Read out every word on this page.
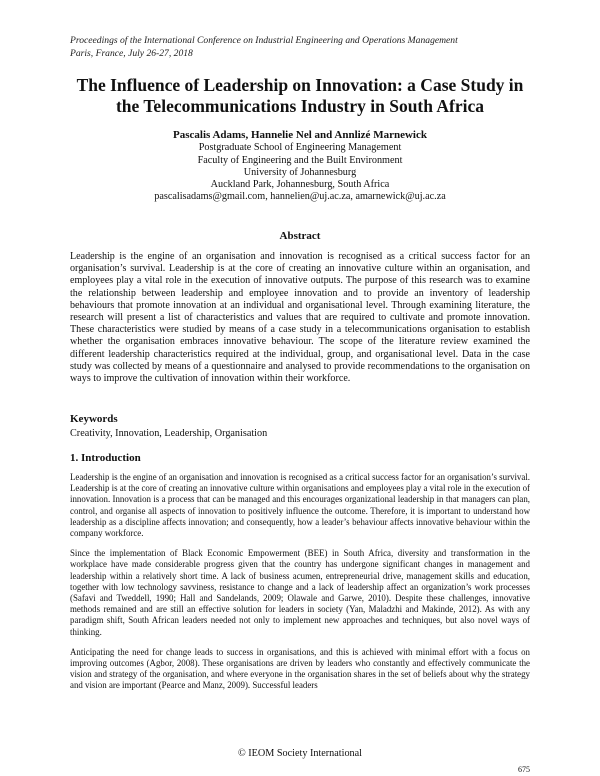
Proceedings of the International Conference on Industrial Engineering and Operations Management
Paris, France, July 26-27, 2018
The Influence of Leadership on Innovation: a Case Study in
the Telecommunications Industry in South Africa
Pascalis Adams, Hannelie Nel and Annlizé Marnewick
Postgraduate School of Engineering Management
Faculty of Engineering and the Built Environment
University of Johannesburg
Auckland Park, Johannesburg, South Africa
pascalisadams@gmail.com, hannelien@uj.ac.za, amarnewick@uj.ac.za
Abstract
Leadership is the engine of an organisation and innovation is recognised as a critical success factor for an organisation’s survival. Leadership is at the core of creating an innovative culture within an organisation, and employees play a vital role in the execution of innovative outputs. The purpose of this research was to examine the relationship between leadership and employee innovation and to provide an inventory of leadership behaviours that promote innovation at an individual and organisational level. Through examining literature, the research will present a list of characteristics and values that are required to cultivate and promote innovation. These characteristics were studied by means of a case study in a telecommunications organisation to establish whether the organisation embraces innovative behaviour. The scope of the literature review examined the different leadership characteristics required at the individual, group, and organisational level. Data in the case study was collected by means of a questionnaire and analysed to provide recommendations to the organisation on ways to improve the cultivation of innovation within their workforce.
Keywords
Creativity, Innovation, Leadership, Organisation
1. Introduction

Leadership is the engine of an organisation and innovation is recognised as a critical success factor for an organisation’s survival. Leadership is at the core of creating an innovative culture within organisations and employees play a vital role in the execution of innovation. Innovation is a process that can be managed and this encourages organizational leadership in that managers can plan, control, and organise all aspects of innovation to positively influence the outcome. Therefore, it is important to understand how leadership as a discipline affects innovation; and consequently, how a leader’s behaviour affects innovative behaviour within the company workforce.

Since the implementation of Black Economic Empowerment (BEE) in South Africa, diversity and transformation in the workplace have made considerable progress given that the country has undergone significant changes in management and leadership within a relatively short time. A lack of business acumen, entrepreneurial drive, management skills and education, together with low technology savviness, resistance to change and a lack of leadership affect an organization’s work processes (Safavi and Tweddell, 1990; Hall and Sandelands, 2009; Olawale and Garwe, 2010). Despite these challenges, innovative methods remained and are still an effective solution for leaders in society (Yan, Maladzhi and Makinde, 2012). As with any paradigm shift, South African leaders needed not only to implement new approaches and techniques, but also novel ways of thinking.

Anticipating the need for change leads to success in organisations, and this is achieved with minimal effort with a focus on improving outcomes (Agbor, 2008). These organisations are driven by leaders who constantly and effectively communicate the vision and strategy of the organisation, and where everyone in the organisation shares in the set of beliefs about why the strategy and vision are important (Pearce and Manz, 2009). Successful leaders

© IEOM Society International
675
